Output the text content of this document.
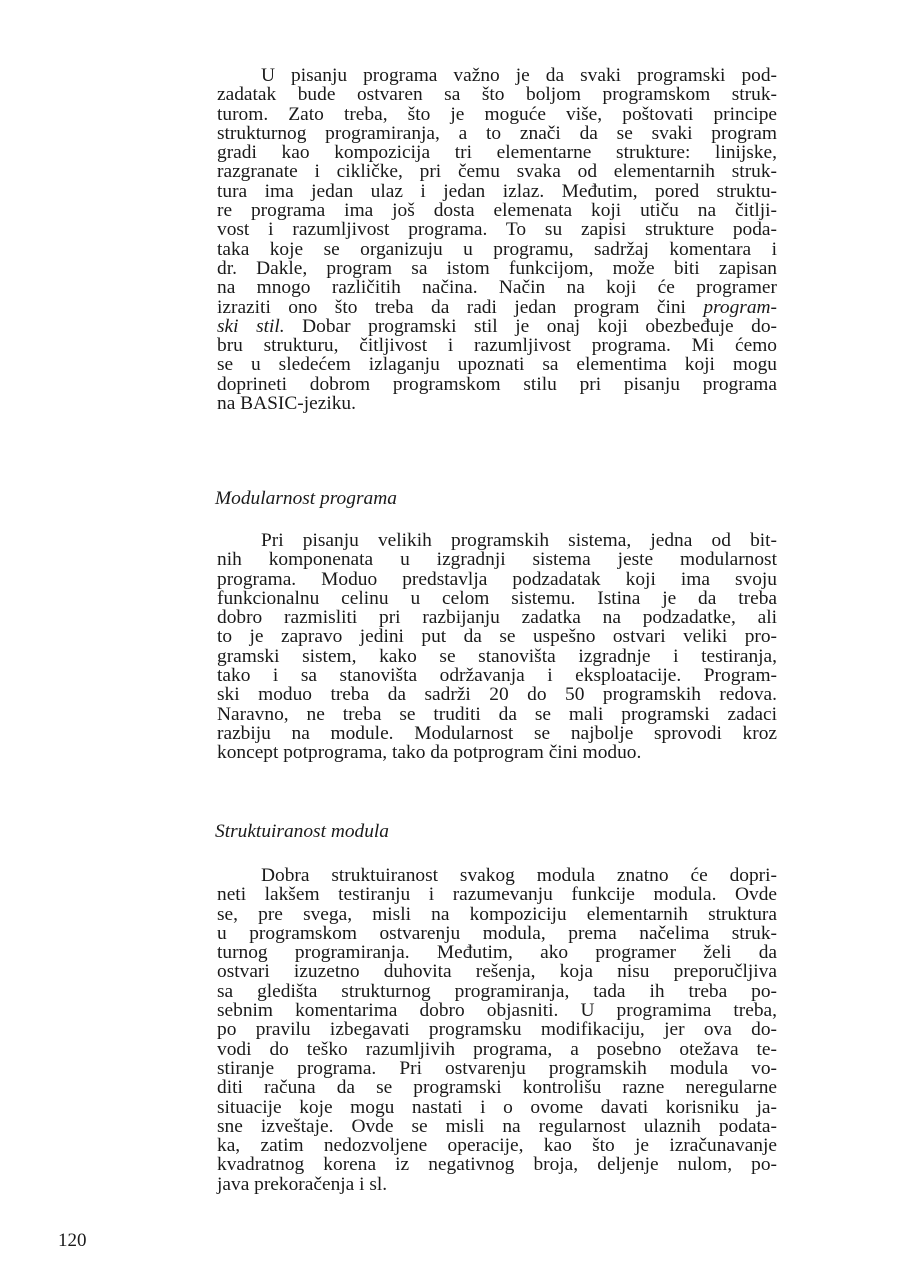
U pisanju programa važno je da svaki programski pod-
zadatak bude ostvaren sa što boljom programskom struk-
turom. Zato treba, što je moguće više, poštovati principe
strukturnog programiranja, a to znači da se svaki program
gradi kao kompozicija tri elementarne strukture: linijske,
razgranate i cikličke, pri čemu svaka od elementarnih struk-
tura ima jedan ulaz i jedan izlaz. Međutim, pored struktu-
re programa ima još dosta elemenata koji utiču na čitlji-
vost i razumljivost programa. To su zapisi strukture poda-
taka koje se organizuju u programu, sadržaj komentara i
dr. Dakle, program sa istom funkcijom, može biti zapisan
na mnogo različitih načina. Način na koji će programer
izraziti ono što treba da radi jedan program čini program-
ski stil. Dobar programski stil je onaj koji obezbeđuje do-
bru strukturu, čitljivost i razumljivost programa. Mi ćemo
se u sledećem izlaganju upoznati sa elementima koji mogu
doprineti dobrom programskom stilu pri pisanju programa
na BASIC-jeziku.
Modularnost programa
Pri pisanju velikih programskih sistema, jedna od bit-
nih komponenata u izgradnji sistema jeste modularnost
programa. Moduo predstavlja podzadatak koji ima svoju
funkcionalnu celinu u celom sistemu. Istina je da treba
dobro razmisliti pri razbijanju zadatka na podzadatke, ali
to je zapravo jedini put da se uspešno ostvari veliki pro-
gramski sistem, kako se stanovišta izgradnje i testiranja,
tako i sa stanovišta održavanja i eksploatacije. Program-
ski moduo treba da sadrži 20 do 50 programskih redova.
Naravno, ne treba se truditi da se mali programski zadaci
razbiju na module. Modularnost se najbolje sprovodi kroz
koncept potprograma, tako da potprogram čini moduo.
Struktuiranost modula
Dobra struktuiranost svakog modula znatno će dopri-
neti lakšem testiranju i razumevanju funkcije modula. Ovde
se, pre svega, misli na kompoziciju elementarnih struktura
u programskom ostvarenju modula, prema načelima struk-
turnog programiranja. Međutim, ako programer želi da
ostvari izuzetno duhovita rešenja, koja nisu preporučljiva
sa gledišta strukturnog programiranja, tada ih treba po-
sebnim komentarima dobro objasniti. U programima treba,
po pravilu izbegavati programsku modifikaciju, jer ova do-
vodi do teško razumljivih programa, a posebno otežava te-
stiranje programa. Pri ostvarenju programskih modula vo-
diti računa da se programski kontrolišu razne neregularne
situacije koje mogu nastati i o ovome davati korisniku ja-
sne izveštaje. Ovde se misli na regularnost ulaznih podata-
ka, zatim nedozvoljene operacije, kao što je izračunavanje
kvadratnog korena iz negativnog broja, deljenje nulom, po-
java prekoračenja i sl.
120
